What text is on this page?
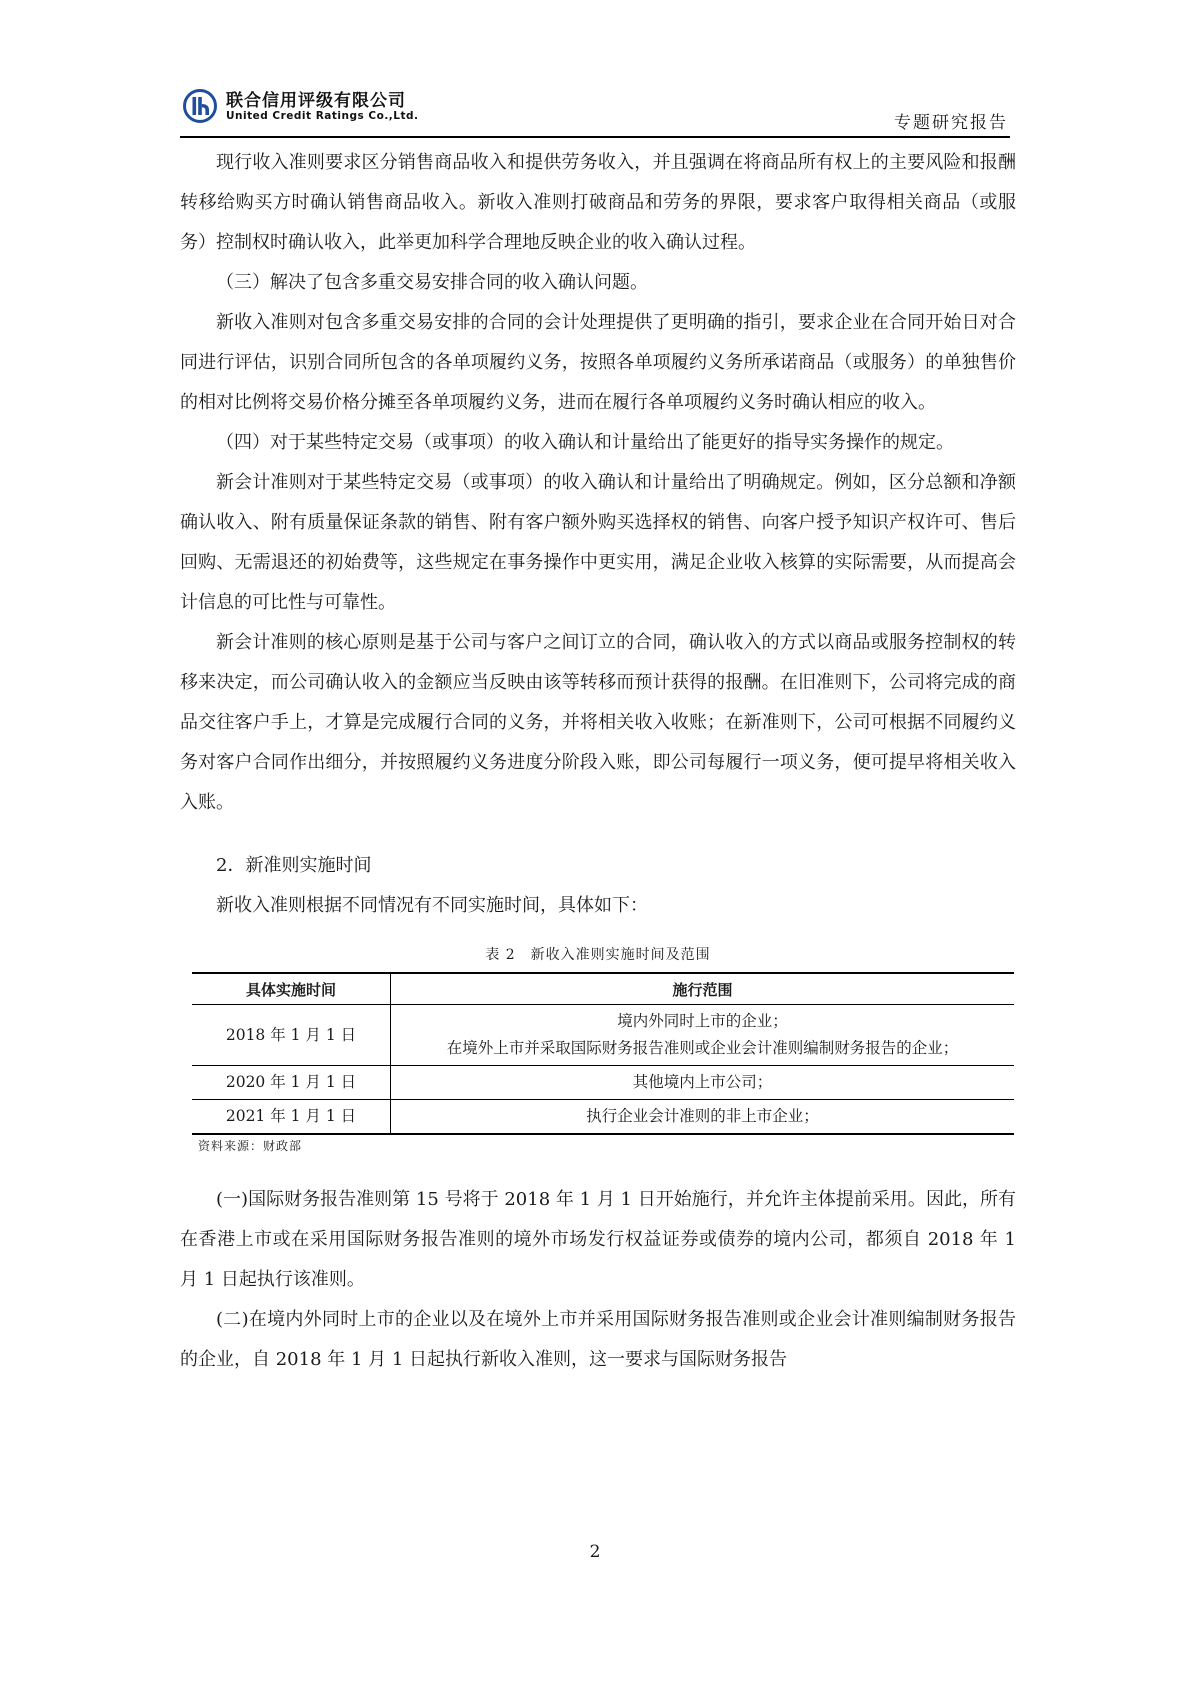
联合信用评级有限公司
United Credit Ratings Co.,Ltd.	专题研究报告

现行收入准则要求区分销售商品收入和提供劳务收入，并且强调在将商品所有权上的主要风险和报酬转移给购买方时确认销售商品收入。新收入准则打破商品和劳务的界限，要求客户取得相关商品（或服务）控制权时确认收入，此举更加科学合理地反映企业的收入确认过程。

（三）解决了包含多重交易安排合同的收入确认问题。

新收入准则对包含多重交易安排的合同的会计处理提供了更明确的指引，要求企业在合同开始日对合同进行评估，识别合同所包含的各单项履约义务，按照各单项履约义务所承诺商品（或服务）的单独售价的相对比例将交易价格分摊至各单项履约义务，进而在履行各单项履约义务时确认相应的收入。

（四）对于某些特定交易（或事项）的收入确认和计量给出了能更好的指导实务操作的规定。

新会计准则对于某些特定交易（或事项）的收入确认和计量给出了明确规定。例如，区分总额和净额确认收入、附有质量保证条款的销售、附有客户额外购买选择权的销售、向客户授予知识产权许可、售后回购、无需退还的初始费等，这些规定在事务操作中更实用，满足企业收入核算的实际需要，从而提高会计信息的可比性与可靠性。

新会计准则的核心原则是基于公司与客户之间订立的合同，确认收入的方式以商品或服务控制权的转移来决定，而公司确认收入的金额应当反映由该等转移而预计获得的报酬。在旧准则下，公司将完成的商品交往客户手上，才算是完成履行合同的义务，并将相关收入收账；在新准则下，公司可根据不同履约义务对客户合同作出细分，并按照履约义务进度分阶段入账，即公司每履行一项义务，便可提早将相关收入入账。

2．新准则实施时间

新收入准则根据不同情况有不同实施时间，具体如下：

表 2　新收入准则实施时间及范围
具体实施时间	施行范围
2018 年 1 月 1 日	境内外同时上市的企业；
在境外上市并采取国际财务报告准则或企业会计准则编制财务报告的企业；

2020 年 1 月 1 日	其他境内上市公司；
2021 年 1 月 1 日	执行企业会计准则的非上市企业；
资料来源：财政部

(一)国际财务报告准则第 15 号将于 2018 年 1 月 1 日开始施行，并允许主体提前采用。因此，所有在香港上市或在采用国际财务报告准则的境外市场发行权益证券或债券的境内公司，都须自 2018 年 1 月 1 日起执行该准则。

(二)在境内外同时上市的企业以及在境外上市并采用国际财务报告准则或企业会计准则编制财务报告的企业，自 2018 年 1 月 1 日起执行新收入准则，这一要求与国际财务报告

2
